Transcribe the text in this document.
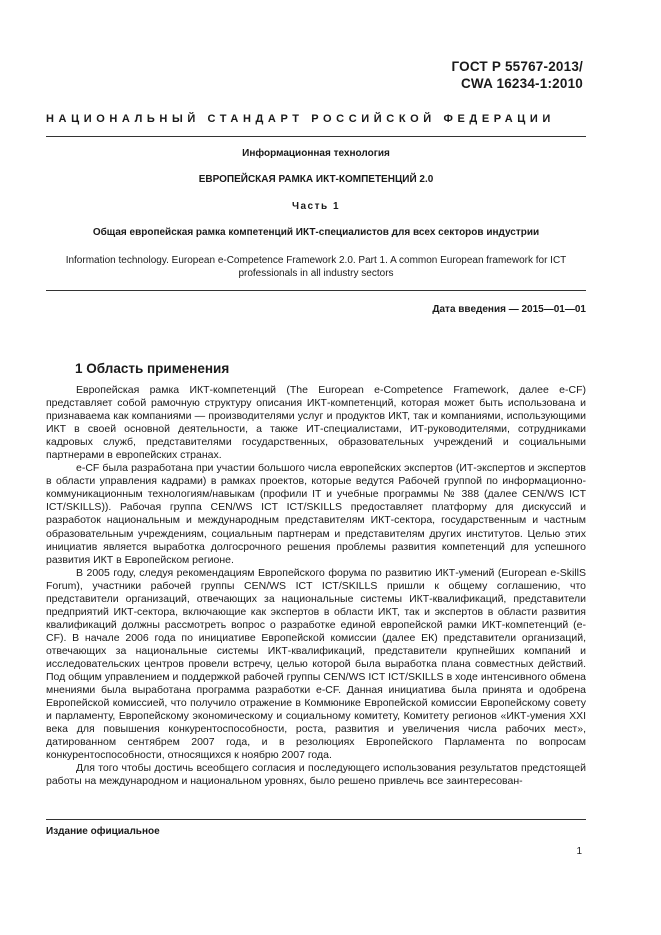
ГОСТ Р 55767-2013/
CWA 16234-1:2010
НАЦИОНАЛЬНЫЙ СТАНДАРТ РОССИЙСКОЙ ФЕДЕРАЦИИ
Информационная технология
ЕВРОПЕЙСКАЯ РАМКА ИКТ-КОМПЕТЕНЦИЙ 2.0
Часть 1
Общая европейская рамка компетенций ИКТ-специалистов для всех секторов индустрии
Information technology. European e-Competence Framework 2.0. Part 1. A common European framework for ICT
professionals in all industry sectors
Дата введения — 2015—01—01
1 Область применения

Европейская рамка ИКТ-компетенций (The European e-Competence Framework, далее e-CF) представляет собой рамочную структуру описания ИКТ-компетенций, которая может быть использована и признаваема как компаниями — производителями услуг и продуктов ИКТ, так и компаниями, использующими ИКТ в своей основной деятельности, а также ИТ-специалистами, ИТ-руководителями, сотрудниками кадровых служб, представителями государственных, образовательных учреждений и социальными партнерами в европейских странах.

e-CF была разработана при участии большого числа европейских экспертов (ИТ-экспертов и экспертов в области управления кадрами) в рамках проектов, которые ведутся Рабочей группой по информационно-коммуникационным технологиям/навыкам (профили IT и учебные программы № 388 (далее CEN/WS ICT ICT/SKILLS)). Рабочая группа CEN/WS ICT ICT/SKILLS предоставляет платформу для дискуссий и разработок национальным и международным представителям ИКТ-сектора, государственным и частным образовательным учреждениям, социальным партнерам и представителям других институтов. Целью этих инициатив является выработка долгосрочного решения проблемы развития компетенций для успешного развития ИКТ в Европейском регионе.

В 2005 году, следуя рекомендациям Европейского форума по развитию ИКТ-умений (European e-SkillS Forum), участники рабочей группы CEN/WS ICT ICT/SKILLS пришли к общему соглашению, что представители организаций, отвечающих за национальные системы ИКТ-квалификаций, представители предприятий ИКТ-сектора, включающие как экспертов в области ИКТ, так и экспертов в области развития квалификаций должны рассмотреть вопрос о разработке единой европейской рамки ИКТ-компетенций (e-CF). В начале 2006 года по инициативе Европейской комиссии (далее ЕК) представители организаций, отвечающих за национальные системы ИКТ-квалификаций, представители крупнейших компаний и исследовательских центров провели встречу, целью которой была выработка плана совместных действий. Под общим управлением и поддержкой рабочей группы CEN/WS ICT ICT/SKILLS в ходе интенсивного обмена мнениями была выработана программа разработки e-CF. Данная инициатива была принята и одобрена Европейской комиссией, что получило отражение в Коммюнике Европейской комиссии Европейскому совету и парламенту, Европейскому экономическому и социальному комитету, Комитету регионов «ИКТ-умения XXI века для повышения конкурентоспособности, роста, развития и увеличения числа рабочих мест», датированном сентябрем 2007 года, и в резолюциях Европейского Парламента по вопросам конкурентоспособности, относящихся к ноябрю 2007 года.

Для того чтобы достичь всеобщего согласия и последующего использования результатов предстоящей работы на международном и национальном уровнях, было решено привлечь все заинтересован-

Издание официальное
1
